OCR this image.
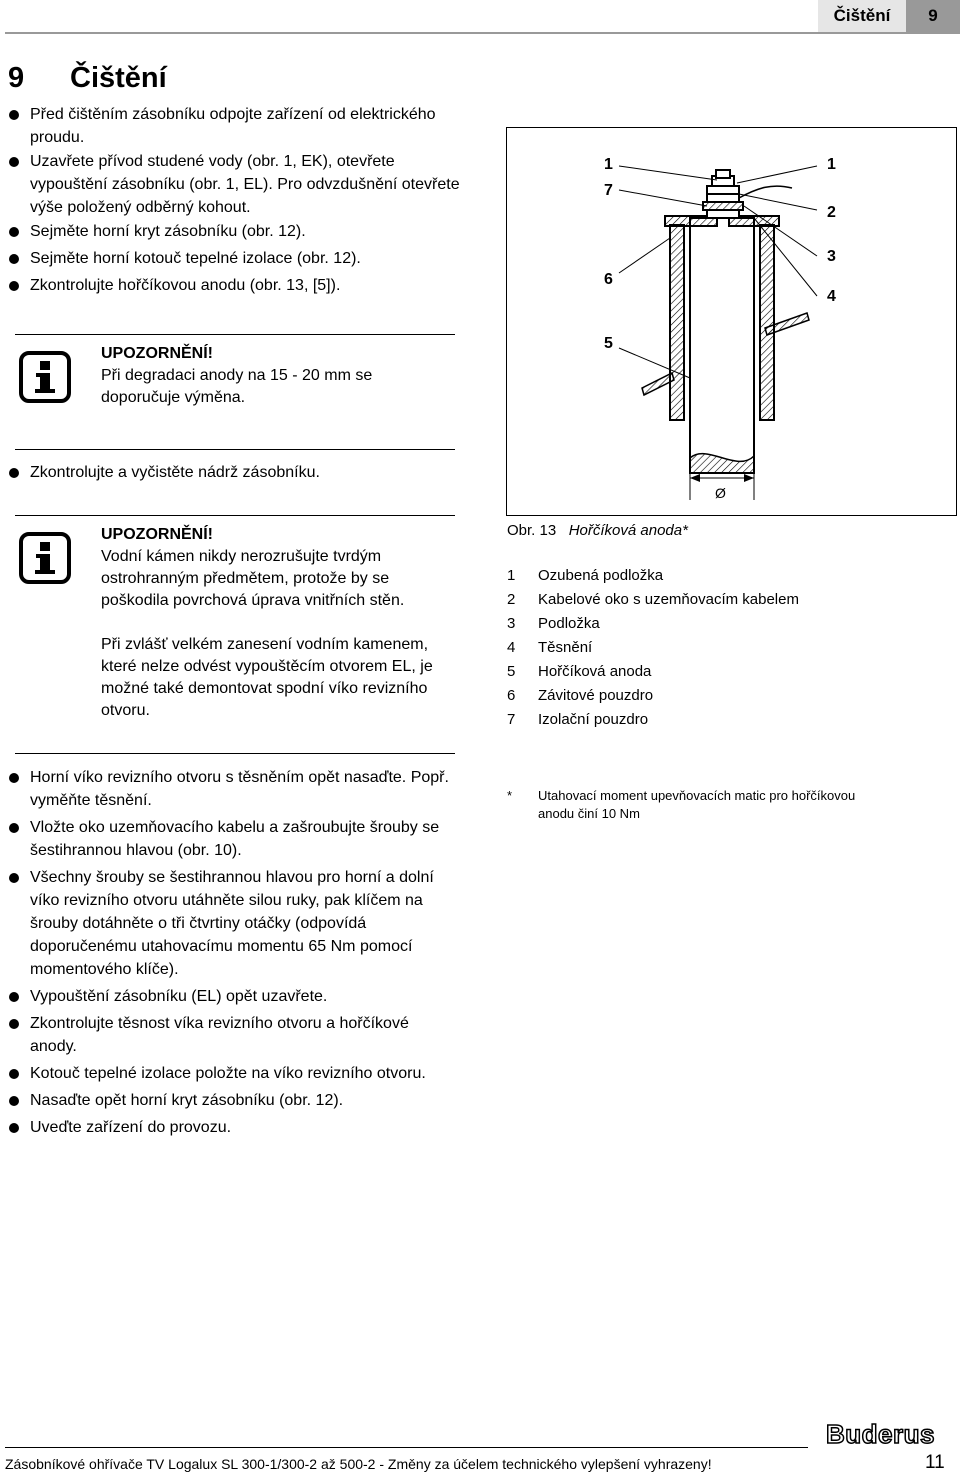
Čištění	9
9 Čištění
Před čištěním zásobníku odpojte zařízení od elektrického proudu.
Uzavřete přívod studené vody (obr. 1, EK), otevřete vypouštění zásobníku (obr. 1, EL). Pro odvzdušnění otevřete výše položený odběrný kohout.
Sejměte horní kryt zásobníku (obr. 12).
Sejměte horní kotouč tepelné izolace (obr. 12).
Zkontrolujte hořčíkovou anodu (obr. 13, [5]).
UPOZORNĚNÍ!
Při degradaci anody na 15 - 20 mm se doporučuje výměna.
Zkontrolujte a vyčistěte nádrž zásobníku.
UPOZORNĚNÍ!
Vodní kámen nikdy nerozrušujte tvrdým ostrohranným předmětem, protože by se poškodila povrchová úprava vnitřních stěn.
Při zvlášť velkém zanesení vodním kamenem, které nelze odvést vypouštěcím otvorem EL, je možné také demontovat spodní víko revizního otvoru.
Horní víko revizního otvoru s těsněním opět nasaďte. Popř. vyměňte těsnění.
Vložte oko uzemňovacího kabelu a zašroubujte šrouby se šestihrannou hlavou (obr. 10).
Všechny šrouby se šestihrannou hlavou pro horní a dolní víko revizního otvoru utáhněte silou ruky, pak klíčem na šrouby dotáhněte o tři čtvrtiny otáčky (odpovídá doporučenému utahovacímu momentu 65 Nm pomocí momentového klíče).
Vypouštění zásobníku (EL) opět uzavřete.
Zkontrolujte těsnost víka revizního otvoru a hořčíkové anody.
Kotouč tepelné izolace položte na víko revizního otvoru.
Nasaďte opět horní kryt zásobníku (obr. 12).
Uveďte zařízení do provozu.
1
7
6
5
1
2
3
4
Ø
Obr. 13 Hořčíková anoda*
1 Ozubená podložka
2 Kabelové oko s uzemňovacím kabelem
3 Podložka
4 Těsnění
5 Hořčíková anoda
6 Závitové pouzdro
7 Izolační pouzdro
* Utahovací moment upevňovacích matic pro hořčíkovou anodu činí 10 Nm
Buderus
Zásobníkové ohřívače TV Logalux SL 300-1/300-2 až 500-2 - Změny za účelem technického vylepšení vyhrazeny!	11
